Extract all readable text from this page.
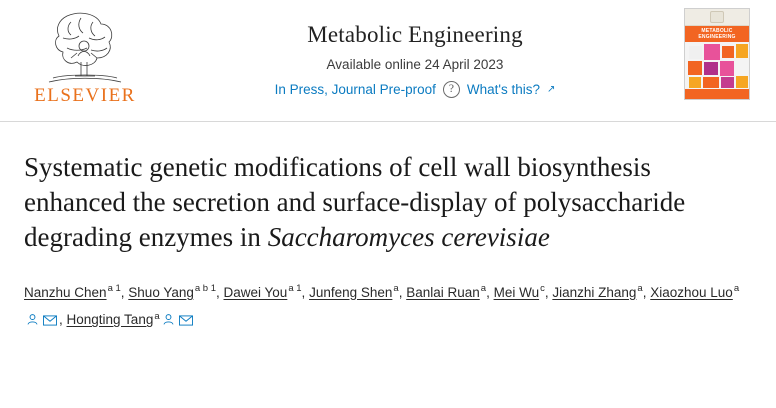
ELSEVIER
Metabolic Engineering
Available online 24 April 2023
In Press, Journal Pre-proof	? What's this? ↗
METABOLIC
ENGINEERING
Systematic genetic modifications of cell wall biosynthesis enhanced the secretion and surface-display of polysaccharide degrading enzymes in Saccharomyces cerevisiae
Nanzhu Chen$^{a 1}$, Shuo Yang$^{a b 1}$, Dawei You$^{a 1}$, Junfeng Shen$^a$, Banlai Ruan$^a$, Mei Wu$^c$, Jianzhi Zhang$^a$, Xiaozhou Luo$^a$, Hongting Tang$^a$
